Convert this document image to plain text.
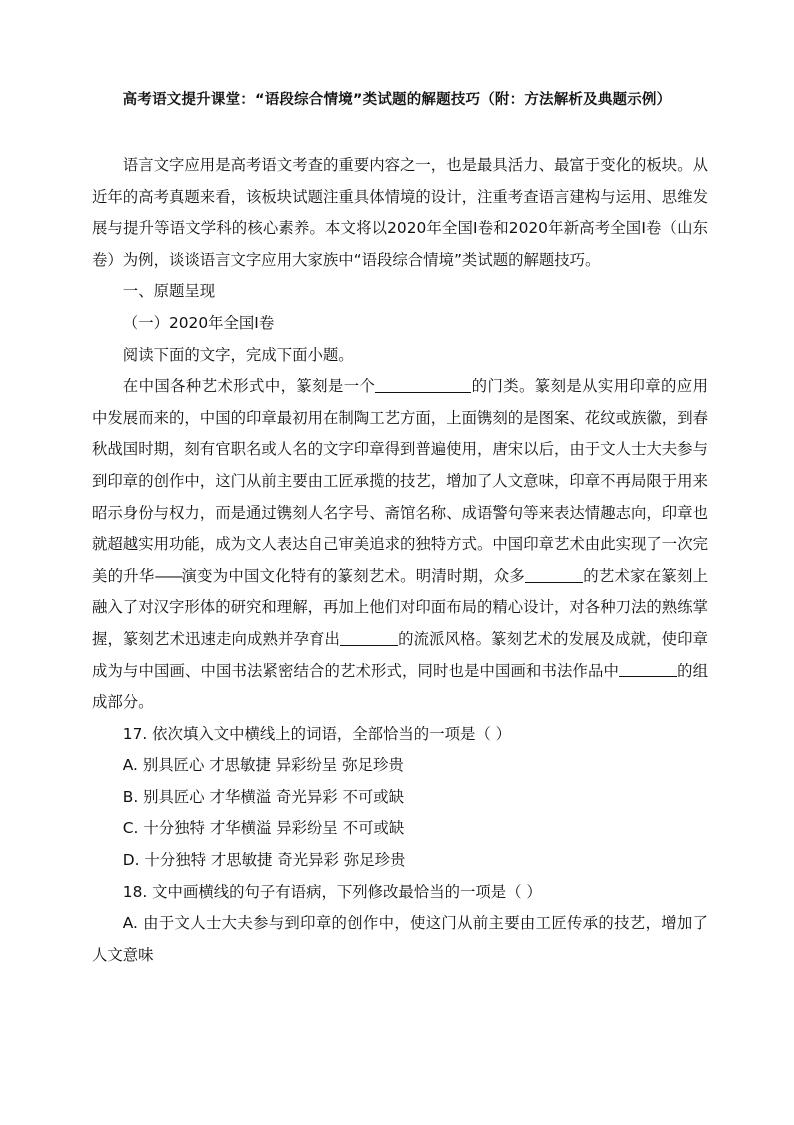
高考语文提升课堂：“语段综合情境”类试题的解题技巧（附：方法解析及典题示例）

语言文字应用是高考语文考查的重要内容之一，也是最具活力、最富于变化的板块。从近年的高考真题来看，该板块试题注重具体情境的设计，注重考查语言建构与运用、思维发展与提升等语文学科的核心素养。本文将以2020年全国Ⅰ卷和2020年新高考全国Ⅰ卷（山东卷）为例，谈谈语言文字应用大家族中“语段综合情境”类试题的解题技巧。

一、原题呈现

（一）2020年全国Ⅰ卷

阅读下面的文字，完成下面小题。

在中国各种艺术形式中，篆刻是一个	的门类。篆刻是从实用印章的应用中发展而来的，中国的印章最初用在制陶工艺方面，上面镌刻的是图案、花纹或族徽，到春秋战国时期，刻有官职名或人名的文字印章得到普遍使用，唐宋以后，由于文人士大夫参与到印章的创作中，这门从前主要由工匠承揽的技艺，增加了人文意味，印章不再局限于用来昭示身份与权力，而是通过镌刻人名字号、斋馆名称、成语警句等来表达情趣志向，印章也就超越实用功能，成为文人表达自己审美追求的独特方式。中国印章艺术由此实现了一次完美的升华——演变为中国文化特有的篆刻艺术。明清时期，众多	的艺术家在篆刻上融入了对汉字形体的研究和理解，再加上他们对印面布局的精心设计，对各种刀法的熟练掌握，篆刻艺术迅速走向成熟并孕育出	的流派风格。篆刻艺术的发展及成就，使印章成为与中国画、中国书法紧密结合的艺术形式，同时也是中国画和书法作品中	的组成部分。

17. 依次填入文中横线上的词语，全部恰当的一项是（ ）

A. 别具匠心 才思敏捷 异彩纷呈 弥足珍贵

B. 别具匠心 才华横溢 奇光异彩 不可或缺

C. 十分独特 才华横溢 异彩纷呈 不可或缺

D. 十分独特 才思敏捷 奇光异彩 弥足珍贵

18. 文中画横线的句子有语病，下列修改最恰当的一项是（ ）

A. 由于文人士大夫参与到印章的创作中，使这门从前主要由工匠传承的技艺，增加了人文意味
